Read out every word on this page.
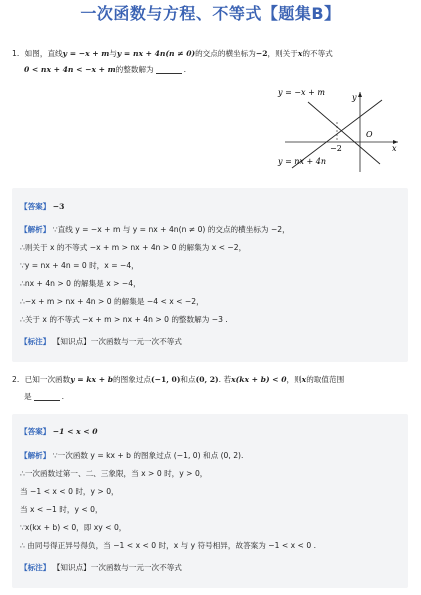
一次函数与方程、不等式【题集B】
1. 如图，直线y = −x + m与y = nx + 4n(n ≠ 0)的交点的横坐标为−2，则关于x的不等式
0 < nx + 4n < −x + m的整数解为	.
y = −x + m
y = nx + 4n
y
x
O
−2
【答案】 −3
【解析】 ∵直线 y = −x + m 与 y = nx + 4n(n ≠ 0) 的交点的横坐标为 −2，
∴则关于 x 的不等式 −x + m > nx + 4n > 0 的解集为 x < −2，
∵y = nx + 4n = 0 时，x = −4，
∴nx + 4n > 0 的解集是 x > −4，
∴−x + m > nx + 4n > 0 的解集是 −4 < x < −2，
∴关于 x 的不等式 −x + m > nx + 4n > 0 的整数解为 −3 .
【标注】 【知识点】一次函数与一元一次不等式
2. 已知一次函数y = kx + b的图象过点(−1, 0)和点(0, 2). 若x(kx + b) < 0，则x的取值范围
是	.
【答案】 −1 < x < 0
【解析】 ∵一次函数 y = kx + b 的图象过点 (−1, 0) 和点 (0, 2).
∴一次函数过第一、二、三象限，当 x > 0 时，y > 0，
当 −1 < x < 0 时，y > 0，
当 x < −1 时，y < 0，
∵x(kx + b) < 0，即 xy < 0，
∴ 由同号得正异号得负，当 −1 < x < 0 时，x 与 y 符号相异，故答案为 −1 < x < 0 .
【标注】 【知识点】一次函数与一元一次不等式
